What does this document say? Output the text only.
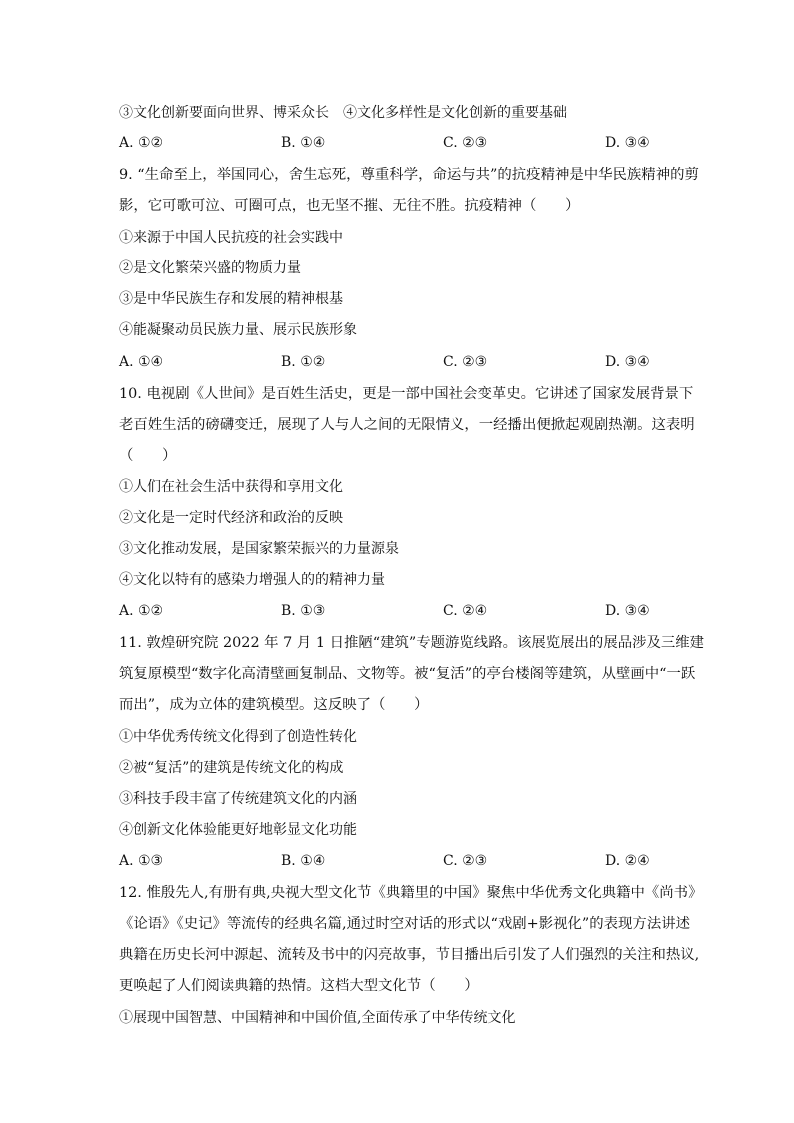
③文化创新要面向世界、博采众长　④文化多样性是文化创新的重要基础
A. ①②	B. ①④	C. ②③	D. ③④
9. “生命至上，举国同心，舍生忘死，尊重科学，命运与共”的抗疫精神是中华民族精神的剪
影，它可歌可泣、可圈可点，也无坚不摧、无往不胜。抗疫精神（　　）
①来源于中国人民抗疫的社会实践中
②是文化繁荣兴盛的物质力量
③是中华民族生存和发展的精神根基
④能凝聚动员民族力量、展示民族形象
A. ①④	B. ①②	C. ②③	D. ③④
10. 电视剧《人世间》是百姓生活史，更是一部中国社会变革史。它讲述了国家发展背景下
老百姓生活的磅礴变迁，展现了人与人之间的无限情义，一经播出便掀起观剧热潮。这表明
（　　）
①人们在社会生活中获得和享用文化
②文化是一定时代经济和政治的反映
③文化推动发展，是国家繁荣振兴的力量源泉
④文化以特有的感染力增强人的的精神力量
A. ①②	B. ①③	C. ②④	D. ③④
11. 敦煌研究院 2022 年 7 月 1 日推陋“建筑”专题游览线路。该展览展出的展品涉及三维建
筑复原模型“数字化高清壁画复制品、文物等。被“复活”的亭台楼阁等建筑，从壁画中“一跃
而出”，成为立体的建筑模型。这反映了（　　）
①中华优秀传统文化得到了创造性转化
②被“复活”的建筑是传统文化的构成
③科技手段丰富了传统建筑文化的内涵
④创新文化体验能更好地彰显文化功能
A. ①③	B. ①④	C. ②③	D. ②④
12. 惟殷先人,有册有典,央视大型文化节《典籍里的中国》聚焦中华优秀文化典籍中《尚书》
《论语》《史记》等流传的经典名篇,通过时空对话的形式以“戏剧+影视化”的表现方法讲述
典籍在历史长河中源起、流转及书中的闪亮故事，节目播出后引发了人们强烈的关注和热议,
更唤起了人们阅读典籍的热情。这档大型文化节（　　）
①展现中国智慧、中国精神和中国价值,全面传承了中华传统文化
